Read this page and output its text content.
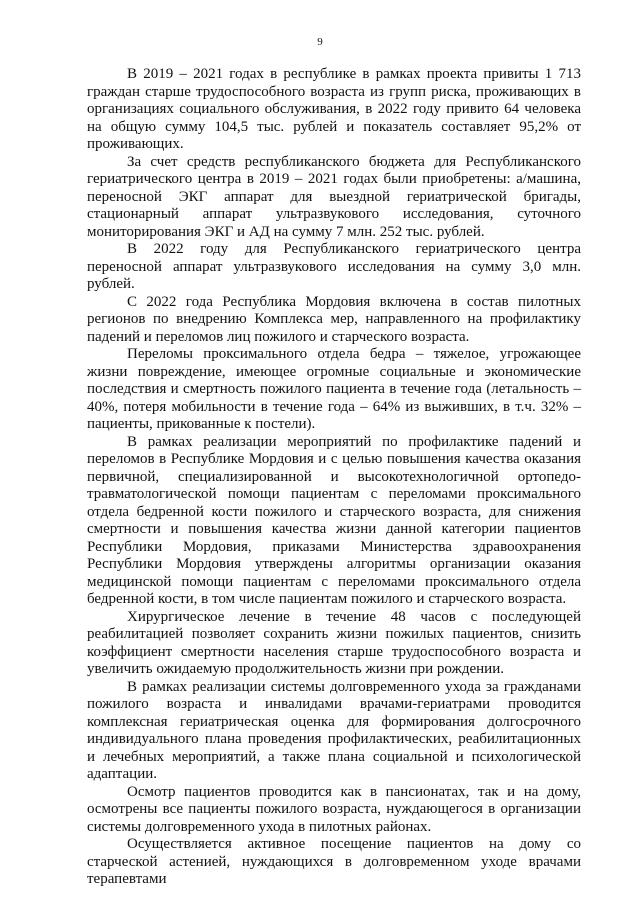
9

В 2019 – 2021 годах в республике в рамках проекта привиты 1 713 граждан старше трудоспособного возраста из групп риска, проживающих в организациях социального обслуживания, в 2022 году привито 64 человека на общую сумму 104,5 тыс. рублей и показатель составляет 95,2% от проживающих.

За счет средств республиканского бюджета для Республиканского гериатрического центра в 2019 – 2021 годах были приобретены: а/машина, переносной ЭКГ аппарат для выездной гериатрической бригады, стационарный аппарат ультразвукового исследования, суточного мониторирования ЭКГ и АД на сумму 7 млн. 252 тыс. рублей.

В 2022 году для Республиканского гериатрического центра переносной аппарат ультразвукового исследования на сумму 3,0 млн. рублей.

С 2022 года Республика Мордовия включена в состав пилотных регионов по внедрению Комплекса мер, направленного на профилактику падений и переломов лиц пожилого и старческого возраста.

Переломы проксимального отдела бедра – тяжелое, угрожающее жизни повреждение, имеющее огромные социальные и экономические последствия и смертность пожилого пациента в течение года (летальность – 40%, потеря мобильности в течение года – 64% из выживших, в т.ч. 32% – пациенты, прикованные к постели).

В рамках реализации мероприятий по профилактике падений и переломов в Республике Мордовия и с целью повышения качества оказания первичной, специализированной и высокотехнологичной ортопедо-травматологической помощи пациентам с переломами проксимального отдела бедренной кости пожилого и старческого возраста, для снижения смертности и повышения качества жизни данной категории пациентов Республики Мордовия, приказами Министерства здравоохранения Республики Мордовия утверждены алгоритмы организации оказания медицинской помощи пациентам с переломами проксимального отдела бедренной кости, в том числе пациентам пожилого и старческого возраста.

Хирургическое лечение в течение 48 часов с последующей реабилитацией позволяет сохранить жизни пожилых пациентов, снизить коэффициент смертности населения старше трудоспособного возраста и увеличить ожидаемую продолжительность жизни при рождении.

В рамках реализации системы долговременного ухода за гражданами пожилого возраста и инвалидами врачами-гериатрами проводится комплексная гериатрическая оценка для формирования долгосрочного индивидуального плана проведения профилактических, реабилитационных и лечебных мероприятий, а также плана социальной и психологической адаптации.

Осмотр пациентов проводится как в пансионатах, так и на дому, осмотрены все пациенты пожилого возраста, нуждающегося в организации системы долговременного ухода в пилотных районах.

Осуществляется активное посещение пациентов на дому со старческой астенией, нуждающихся в долговременном уходе врачами терапевтами
